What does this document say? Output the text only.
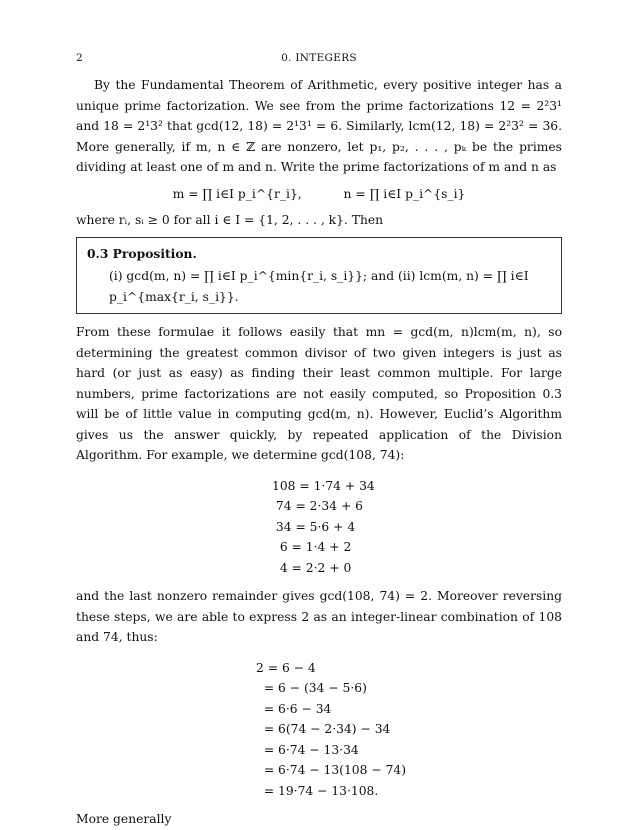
2	0. INTEGERS

By the Fundamental Theorem of Arithmetic, every positive integer has a unique prime factorization. We see from the prime factorizations 12 = 2²3¹ and 18 = 2¹3² that gcd(12, 18) = 2¹3¹ = 6. Similarly, lcm(12, 18) = 2²3² = 36. More generally, if m, n ∈ ℤ are nonzero, let p₁, p₂, . . . , pₖ be the primes dividing at least one of m and n. Write the prime factorizations of m and n as

m = ∏ i∈I p_i^{r_i},	n = ∏ i∈I p_i^{s_i}

where rᵢ, sᵢ ≥ 0 for all i ∈ I = {1, 2, . . . , k}. Then

0.3 Proposition.
(i) gcd(m, n) = ∏ i∈I p_i^{min{r_i, s_i}}; and (ii) lcm(m, n) = ∏ i∈I p_i^{max{r_i, s_i}}.

From these formulae it follows easily that mn = gcd(m, n)lcm(m, n), so determining the greatest common divisor of two given integers is just as hard (or just as easy) as finding their least common multiple. For large numbers, prime factorizations are not easily computed, so Proposition 0.3 will be of little value in computing gcd(m, n). However, Euclid’s Algorithm gives us the answer quickly, by repeated application of the Division Algorithm. For example, we determine gcd(108, 74):

108 = 1·74 + 34
74 = 2·34 + 6
34 = 5·6 + 4
6 = 1·4 + 2
4 = 2·2 + 0

and the last nonzero remainder gives gcd(108, 74) = 2. Moreover reversing these steps, we are able to express 2 as an integer-linear combination of 108 and 74, thus:

2 = 6 − 4
= 6 − (34 − 5·6)
= 6·6 − 34
= 6(74 − 2·34) − 34
= 6·74 − 13·34
= 6·74 − 13(108 − 74)
= 19·74 − 13·108.

More generally
